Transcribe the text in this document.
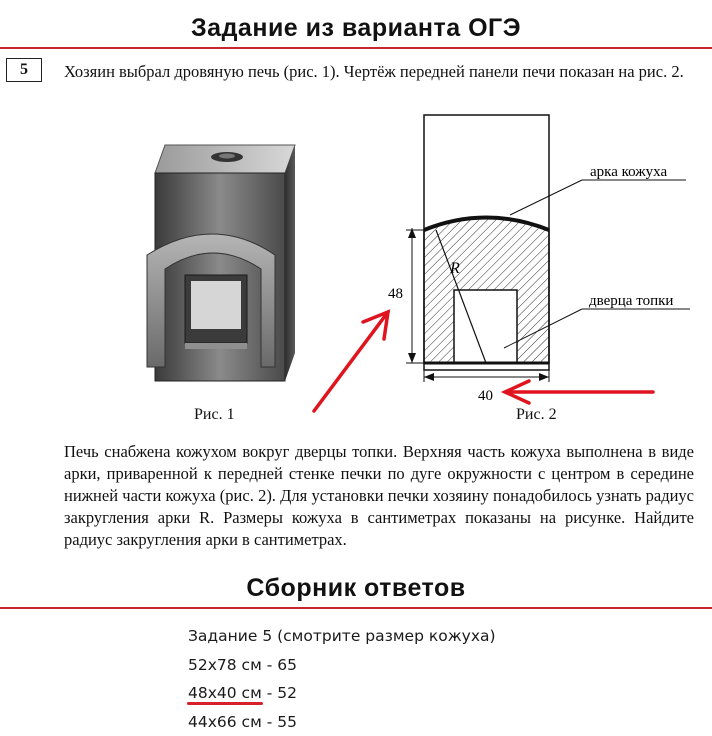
Задание из варианта ОГЭ
5	Хозяин выбрал дровяную печь (рис. 1). Чертёж передней панели печи показан на рис. 2.
Рис. 1
R
48
40
арка кожуха
дверца топки
Рис. 2
Печь снабжена кожухом вокруг дверцы топки. Верхняя часть кожуха выполнена в виде арки, приваренной к передней стенке печки по дуге окружности с центром в середине нижней части кожуха (рис. 2). Для установки печки хозяину понадобилось узнать радиус закругления арки R. Размеры кожуха в сантиметрах показаны на рисунке. Найдите радиус закругления арки в сантиметрах.
Сборник ответов
Задание 5 (смотрите размер кожуха)
52x78 см - 65
48x40 см - 52
44x66 см - 55
